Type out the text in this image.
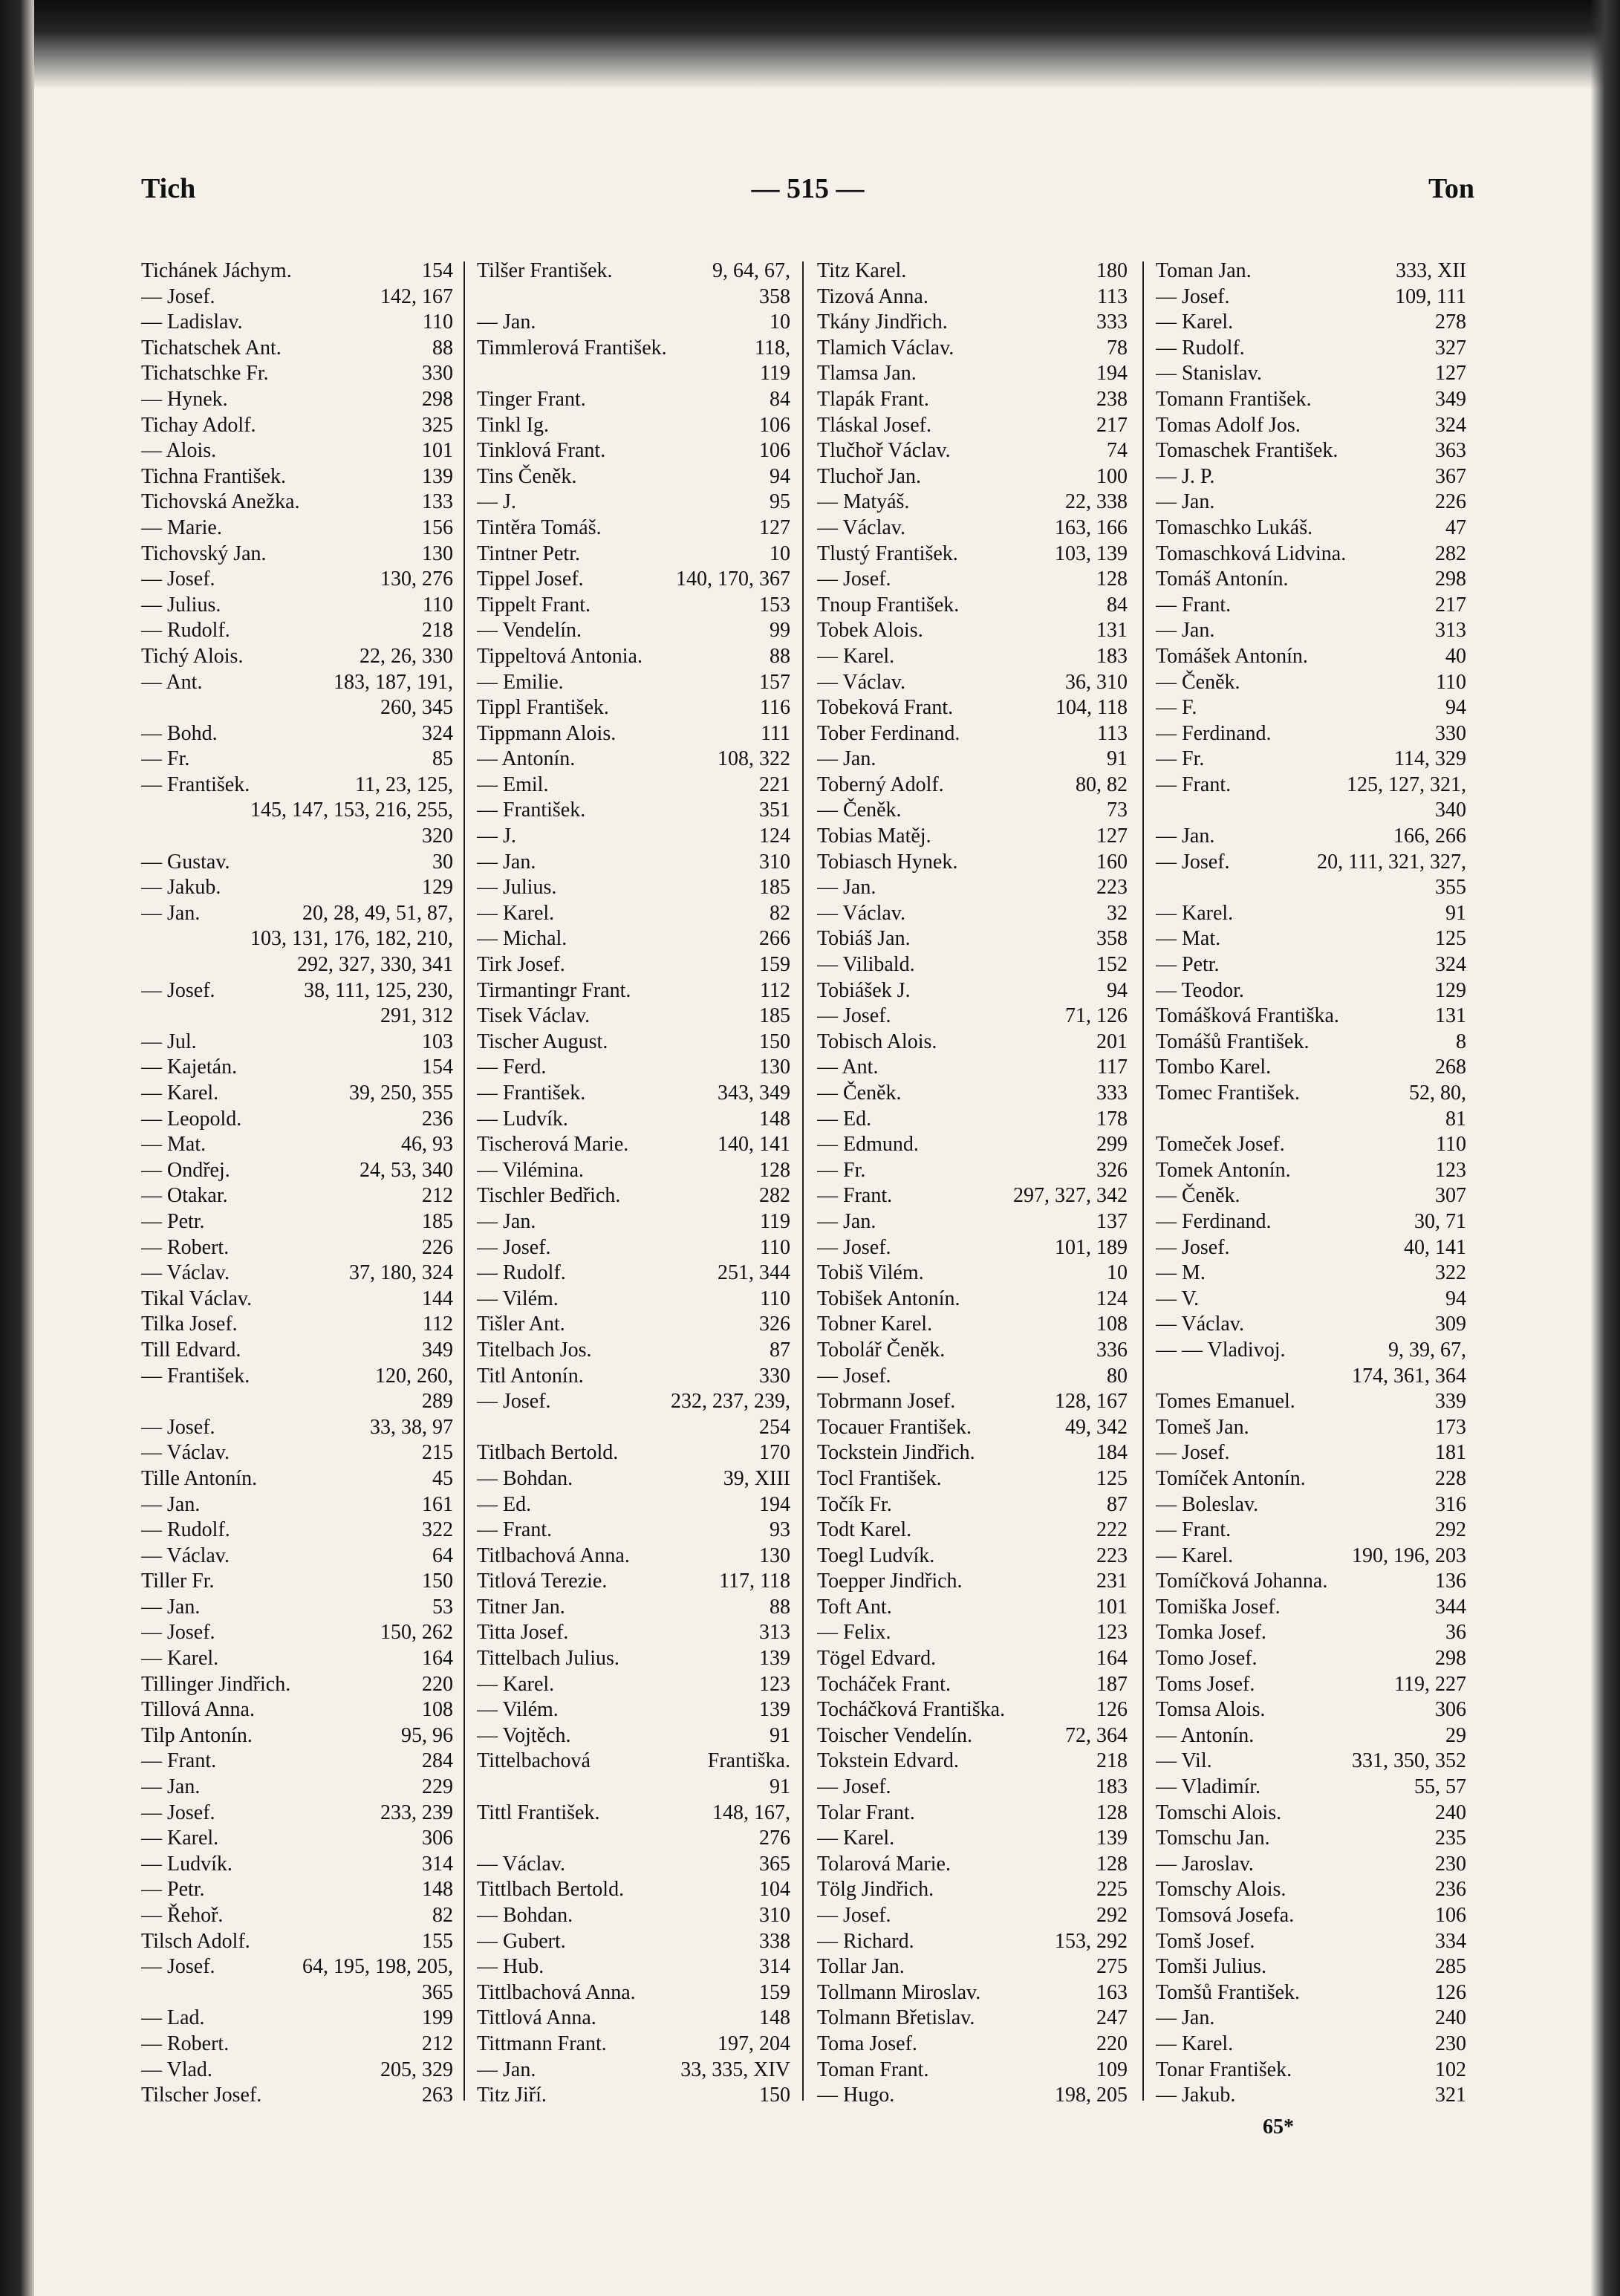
Tich	— 515 —	Ton
Tichánek Jáchym.	154
— Josef.	142, 167
— Ladislav.	110
Tichatschek Ant.	88
Tichatschke Fr.	330
— Hynek.	298
Tichay Adolf.	325
— Alois.	101
Tichna František.	139
Tichovská Anežka.	133
— Marie.	156
Tichovský Jan.	130
— Josef.	130, 276
— Julius.	110
— Rudolf.	218
Tichý Alois.	22, 26, 330
— Ant.	183, 187, 191,
260, 345
— Bohd.	324
— Fr.	85
— František.	11, 23, 125,
145, 147, 153, 216, 255,
320
— Gustav.	30
— Jakub.	129
— Jan.	20, 28, 49, 51, 87,
103, 131, 176, 182, 210,
292, 327, 330, 341
— Josef.	38, 111, 125, 230,
291, 312
— Jul.	103
— Kajetán.	154
— Karel.	39, 250, 355
— Leopold.	236
— Mat.	46, 93
— Ondřej.	24, 53, 340
— Otakar.	212
— Petr.	185
— Robert.	226
— Václav.	37, 180, 324
Tikal Václav.	144
Tilka Josef.	112
Till Edvard.	349
— František.	120, 260,
289
— Josef.	33, 38, 97
— Václav.	215
Tille Antonín.	45
— Jan.	161
— Rudolf.	322
— Václav.	64
Tiller Fr.	150
— Jan.	53
— Josef.	150, 262
— Karel.	164
Tillinger Jindřich.	220
Tillová Anna.	108
Tilp Antonín.	95, 96
— Frant.	284
— Jan.	229
— Josef.	233, 239
— Karel.	306
— Ludvík.	314
— Petr.	148
— Řehoř.	82
Tilsch Adolf.	155
— Josef.	64, 195, 198, 205,
365
— Lad.	199
— Robert.	212
— Vlad.	205, 329
Tilscher Josef.	263
Tilšer František.	9, 64, 67,
358
— Jan.	10
Timmlerová František.	118,
119
Tinger Frant.	84
Tinkl Ig.	106
Tinklová Frant.	106
Tins Čeněk.	94
— J.	95
Tintěra Tomáš.	127
Tintner Petr.	10
Tippel Josef.	140, 170, 367
Tippelt Frant.	153
— Vendelín.	99
Tippeltová Antonia.	88
— Emilie.	157
Tippl František.	116
Tippmann Alois.	111
— Antonín.	108, 322
— Emil.	221
— František.	351
— J.	124
— Jan.	310
— Julius.	185
— Karel.	82
— Michal.	266
Tirk Josef.	159
Tirmantingr Frant.	112
Tisek Václav.	185
Tischer August.	150
— Ferd.	130
— František.	343, 349
— Ludvík.	148
Tischerová Marie.	140, 141
— Vilémina.	128
Tischler Bedřich.	282
— Jan.	119
— Josef.	110
— Rudolf.	251, 344
— Vilém.	110
Tišler Ant.	326
Titelbach Jos.	87
Titl Antonín.	330
— Josef.	232, 237, 239,
254
Titlbach Bertold.	170
— Bohdan.	39, XIII
— Ed.	194
— Frant.	93
Titlbachová Anna.	130
Titlová Terezie.	117, 118
Titner Jan.	88
Titta Josef.	313
Tittelbach Julius.	139
— Karel.	123
— Vilém.	139
— Vojtěch.	91
Tittelbachová	Františka.
91
Tittl František.	148, 167,
276
— Václav.	365
Tittlbach Bertold.	104
— Bohdan.	310
— Gubert.	338
— Hub.	314
Tittlbachová Anna.	159
Tittlová Anna.	148
Tittmann Frant.	197, 204
— Jan.	33, 335, XIV
Titz Jiří.	150
Titz Karel.	180
Tizová Anna.	113
Tkány Jindřich.	333
Tlamich Václav.	78
Tlamsa Jan.	194
Tlapák Frant.	238
Tláskal Josef.	217
Tlučhoř Václav.	74
Tluchoř Jan.	100
— Matyáš.	22, 338
— Václav.	163, 166
Tlustý František.	103, 139
— Josef.	128
Tnoup František.	84
Tobek Alois.	131
— Karel.	183
— Václav.	36, 310
Tobeková Frant.	104, 118
Tober Ferdinand.	113
— Jan.	91
Toberný Adolf.	80, 82
— Čeněk.	73
Tobias Matěj.	127
Tobiasch Hynek.	160
— Jan.	223
— Václav.	32
Tobiáš Jan.	358
— Vilibald.	152
Tobiášek J.	94
— Josef.	71, 126
Tobisch Alois.	201
— Ant.	117
— Čeněk.	333
— Ed.	178
— Edmund.	299
— Fr.	326
— Frant.	297, 327, 342
— Jan.	137
— Josef.	101, 189
Tobiš Vilém.	10
Tobišek Antonín.	124
Tobner Karel.	108
Tobolář Čeněk.	336
— Josef.	80
Tobrmann Josef.	128, 167
Tocauer František.	49, 342
Tockstein Jindřich.	184
Tocl František.	125
Točík Fr.	87
Todt Karel.	222
Toegl Ludvík.	223
Toepper Jindřich.	231
Toft Ant.	101
— Felix.	123
Tögel Edvard.	164
Tocháček Frant.	187
Tocháčková Františka.	126
Toischer Vendelín.	72, 364
Tokstein Edvard.	218
— Josef.	183
Tolar Frant.	128
— Karel.	139
Tolarová Marie.	128
Tölg Jindřich.	225
— Josef.	292
— Richard.	153, 292
Tollar Jan.	275
Tollmann Miroslav.	163
Tolmann Břetislav.	247
Toma Josef.	220
Toman Frant.	109
— Hugo.	198, 205
Toman Jan.	333, XII
— Josef.	109, 111
— Karel.	278
— Rudolf.	327
— Stanislav.	127
Tomann František.	349
Tomas Adolf Jos.	324
Tomaschek František.	363
— J. P.	367
— Jan.	226
Tomaschko Lukáš.	47
Tomaschková Lidvina.	282
Tomáš Antonín.	298
— Frant.	217
— Jan.	313
Tomášek Antonín.	40
— Čeněk.	110
— F.	94
— Ferdinand.	330
— Fr.	114, 329
— Frant.	125, 127, 321,
340
— Jan.	166, 266
— Josef.	20, 111, 321, 327,
355
— Karel.	91
— Mat.	125
— Petr.	324
— Teodor.	129
Tomášková Františka.	131
Tomášů František.	8
Tombo Karel.	268
Tomec František.	52, 80,
81
Tomeček Josef.	110
Tomek Antonín.	123
— Čeněk.	307
— Ferdinand.	30, 71
— Josef.	40, 141
— M.	322
— V.	94
— Václav.	309
— — Vladivoj.	9, 39, 67,
174, 361, 364
Tomes Emanuel.	339
Tomeš Jan.	173
— Josef.	181
Tomíček Antonín.	228
— Boleslav.	316
— Frant.	292
— Karel.	190, 196, 203
Tomíčková Johanna.	136
Tomiška Josef.	344
Tomka Josef.	36
Tomo Josef.	298
Toms Josef.	119, 227
Tomsa Alois.	306
— Antonín.	29
— Vil.	331, 350, 352
— Vladimír.	55, 57
Tomschi Alois.	240
Tomschu Jan.	235
— Jaroslav.	230
Tomschy Alois.	236
Tomsová Josefa.	106
Tomš Josef.	334
Tomši Julius.	285
Tomšů František.	126
— Jan.	240
— Karel.	230
Tonar František.	102
— Jakub.	321
65*
